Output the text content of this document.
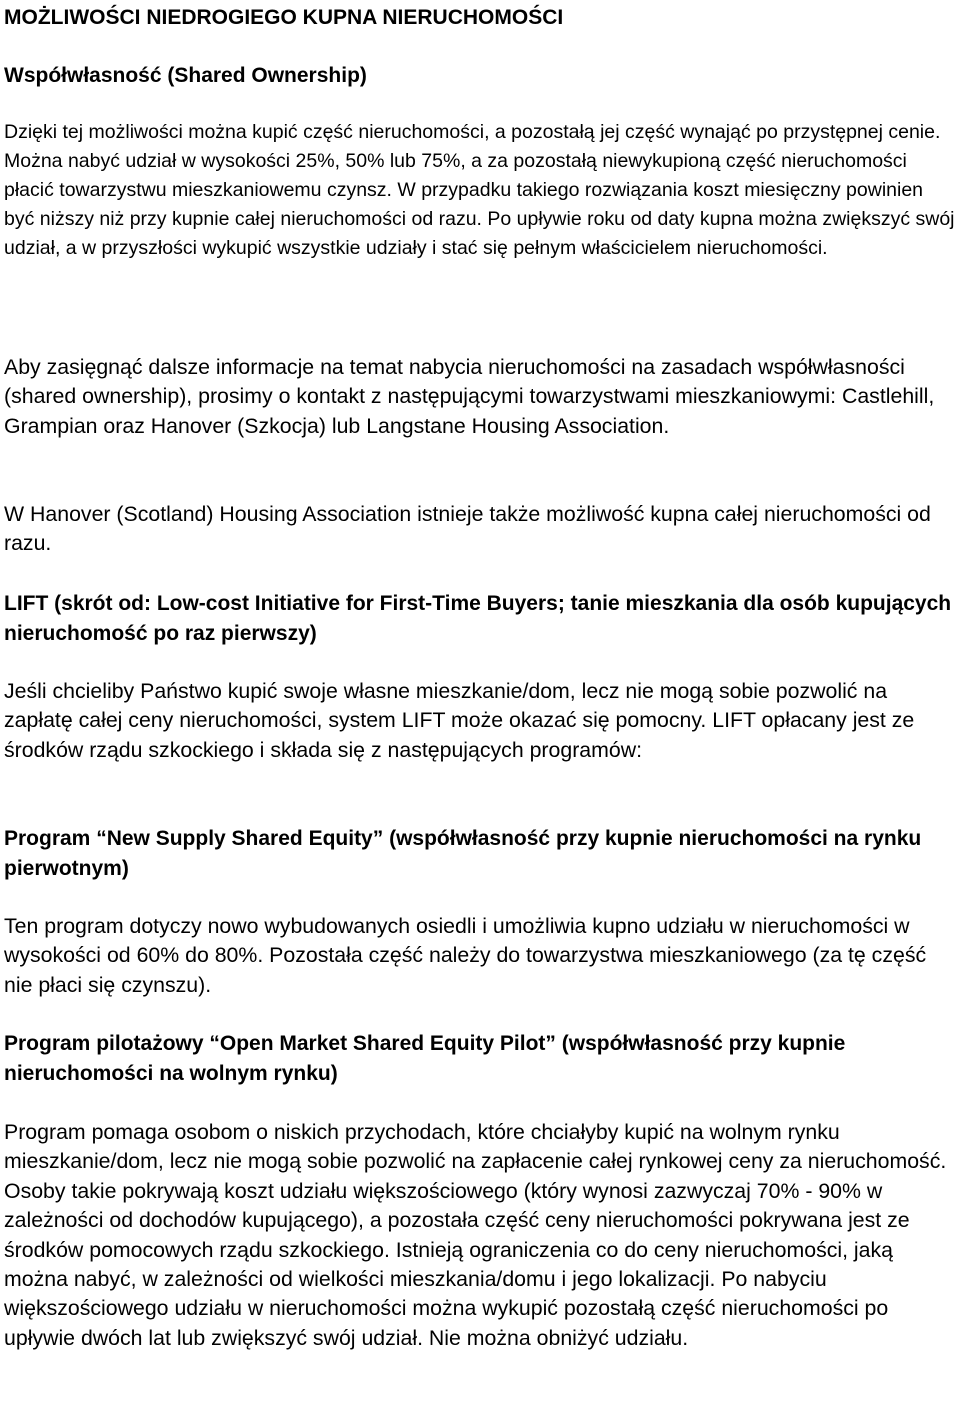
MOŻLIWOŚCI NIEDROGIEGO KUPNA NIERUCHOMOŚCI
Współwłasność (Shared Ownership)

Dzięki tej możliwości można kupić część nieruchomości, a pozostałą jej część wynająć po przystępnej cenie. Można nabyć udział w wysokości 25%, 50% lub 75%, a za pozostałą niewykupioną część nieruchomości płacić towarzystwu mieszkaniowemu czynsz. W przypadku takiego rozwiązania koszt miesięczny powinien być niższy niż przy kupnie całej nieruchomości od razu. Po upływie roku od daty kupna można zwiększyć swój udział, a w przyszłości wykupić wszystkie udziały i stać się pełnym właścicielem nieruchomości.

Aby zasięgnąć dalsze informacje na temat nabycia nieruchomości na zasadach współwłasności (shared ownership), prosimy o kontakt z następującymi towarzystwami mieszkaniowymi: Castlehill, Grampian oraz Hanover (Szkocja) lub Langstane Housing Association.

W Hanover (Scotland) Housing Association istnieje także możliwość kupna całej nieruchomości od razu.

LIFT (skrót od: Low-cost Initiative for First-Time Buyers; tanie mieszkania dla osób kupujących nieruchomość po raz pierwszy)

Jeśli chcieliby Państwo kupić swoje własne mieszkanie/dom, lecz nie mogą sobie pozwolić na zapłatę całej ceny nieruchomości, system LIFT może okazać się pomocny. LIFT opłacany jest ze środków rządu szkockiego i składa się z następujących programów:

Program “New Supply Shared Equity” (współwłasność przy kupnie nieruchomości na rynku pierwotnym)

Ten program dotyczy nowo wybudowanych osiedli i umożliwia kupno udziału w nieruchomości w wysokości od 60% do 80%. Pozostała część należy do towarzystwa mieszkaniowego (za tę część nie płaci się czynszu).

Program pilotażowy “Open Market Shared Equity Pilot” (współwłasność przy kupnie nieruchomości na wolnym rynku)

Program pomaga osobom o niskich przychodach, które chciałyby kupić na wolnym rynku mieszkanie/dom, lecz nie mogą sobie pozwolić na zapłacenie całej rynkowej ceny za nieruchomość. Osoby takie pokrywają koszt udziału większościowego (który wynosi zazwyczaj 70% - 90% w zależności od dochodów kupującego), a pozostała część ceny nieruchomości pokrywana jest ze środków pomocowych rządu szkockiego. Istnieją ograniczenia co do ceny nieruchomości, jaką można nabyć, w zależności od wielkości mieszkania/domu i jego lokalizacji. Po nabyciu większościowego udziału w nieruchomości można wykupić pozostałą część nieruchomości po upływie dwóch lat lub zwiększyć swój udział. Nie można obniżyć udziału.
